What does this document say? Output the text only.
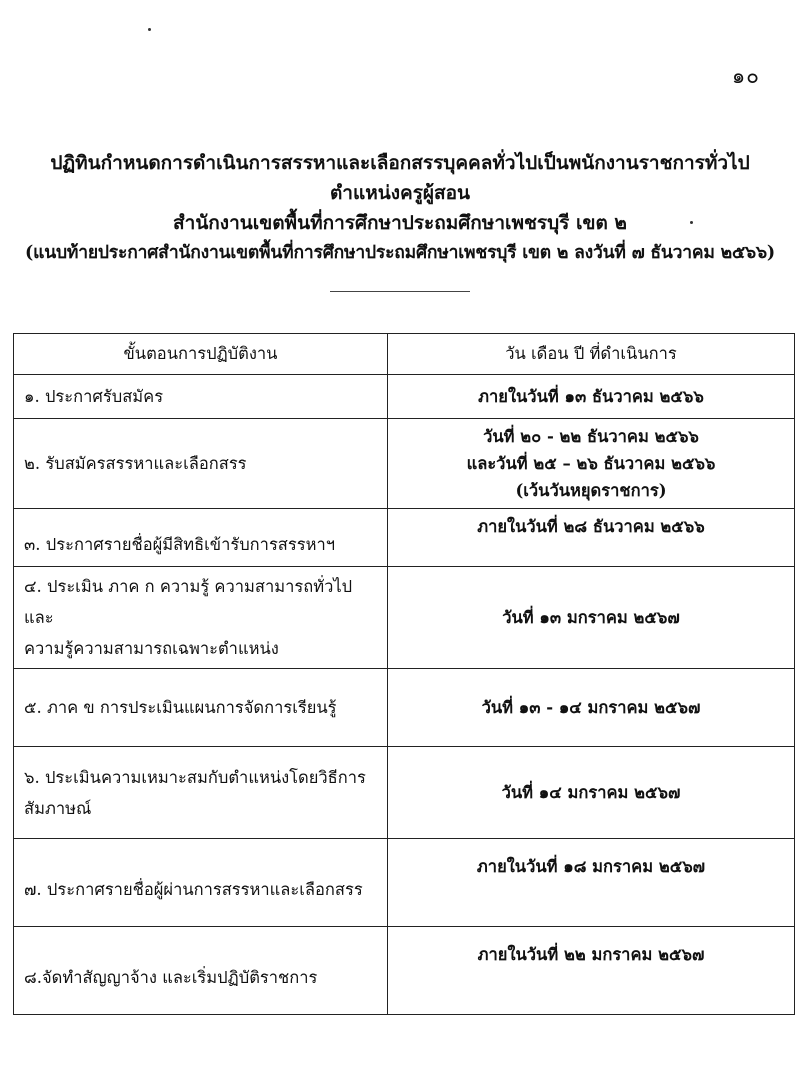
๑๐
ปฏิทินกำหนดการดำเนินการสรรหาและเลือกสรรบุคคลทั่วไปเป็นพนักงานราชการทั่วไป
ตำแหน่งครูผู้สอน
สำนักงานเขตพื้นที่การศึกษาประถมศึกษาเพชรบุรี เขต ๒
(แนบท้ายประกาศสำนักงานเขตพื้นที่การศึกษาประถมศึกษาเพชรบุรี เขต ๒ ลงวันที่ ๗ ธันวาคม ๒๕๖๖)
ขั้นตอนการปฏิบัติงาน	วัน เดือน ปี ที่ดำเนินการ

๑. ประกาศรับสมัคร	ภายในวันที่ ๑๓ ธันวาคม ๒๕๖๖

๒. รับสมัครสรรหาและเลือกสรร	วันที่ ๒๐ - ๒๒ ธันวาคม ๒๕๖๖
และวันที่ ๒๕ – ๒๖ ธันวาคม ๒๕๖๖
(เว้นวันหยุดราชการ)

๓. ประกาศรายชื่อผู้มีสิทธิเข้ารับการสรรหาฯ	ภายในวันที่ ๒๘ ธันวาคม ๒๕๖๖

๔. ประเมิน ภาค ก ความรู้ ความสามารถทั่วไปและ
ความรู้ความสามารถเฉพาะตำแหน่ง	วันที่ ๑๓ มกราคม ๒๕๖๗

๕. ภาค ข การประเมินแผนการจัดการเรียนรู้	วันที่ ๑๓ - ๑๔ มกราคม ๒๕๖๗

๖. ประเมินความเหมาะสมกับตำแหน่งโดยวิธีการ
สัมภาษณ์	วันที่ ๑๔ มกราคม ๒๕๖๗

๗. ประกาศรายชื่อผู้ผ่านการสรรหาและเลือกสรร	ภายในวันที่ ๑๘ มกราคม ๒๕๖๗

๘.จัดทำสัญญาจ้าง และเริ่มปฏิบัติราชการ	ภายในวันที่ ๒๒ มกราคม ๒๕๖๗
